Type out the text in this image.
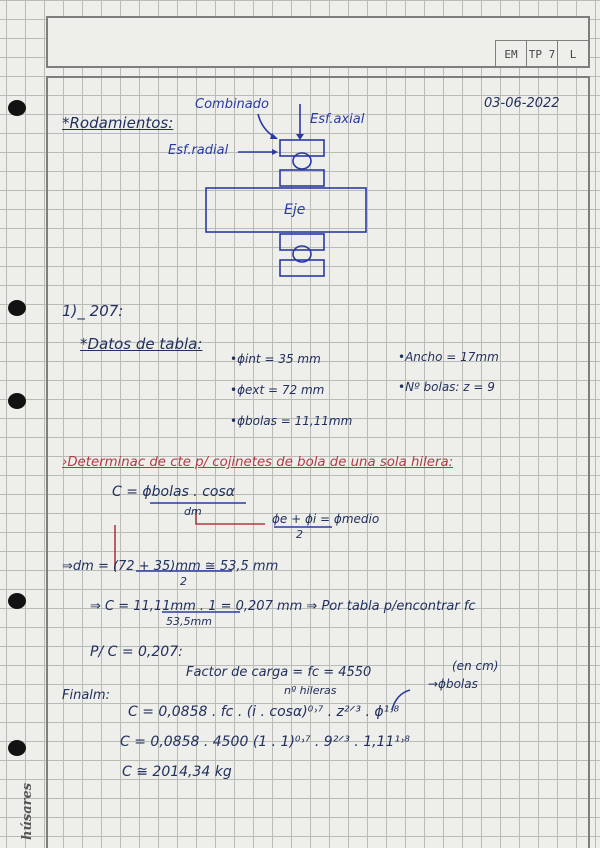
EM	TP 7	L
húsares
03-06-2022
*Rodamientos:
Combinado
Esf.axial
Esf.radial
Eje
1)_ 207:
*Datos de tabla:
•ϕint = 35 mm
•ϕext = 72 mm
•ϕbolas = 11,11mm
•Ancho = 17mm
•Nº bolas: z = 9
›Determinac de cte p/ cojinetes de bola de una sola hilera:
C = ϕbolas . cosα
dm
ϕe + ϕi = ϕmedio
2
⇒dm = (72 + 35)mm ≅ 53,5 mm
2
⇒ C = 11,11mm . 1 = 0,207 mm ⇒ Por tabla p/encontrar fc
53,5mm
P/ C = 0,207:
Factor de carga = fc = 4550	(en cm)
→ϕbolas
nº hileras
Finalm:
C = 0,0858 . fc . (i . cosα)⁰˒⁷ . z²ᐟ³ . ϕ¹˒⁸
C = 0,0858 . 4500 (1 . 1)⁰˒⁷ . 9²ᐟ³ . 1,11¹˒⁸
C ≅ 2014,34 kg
